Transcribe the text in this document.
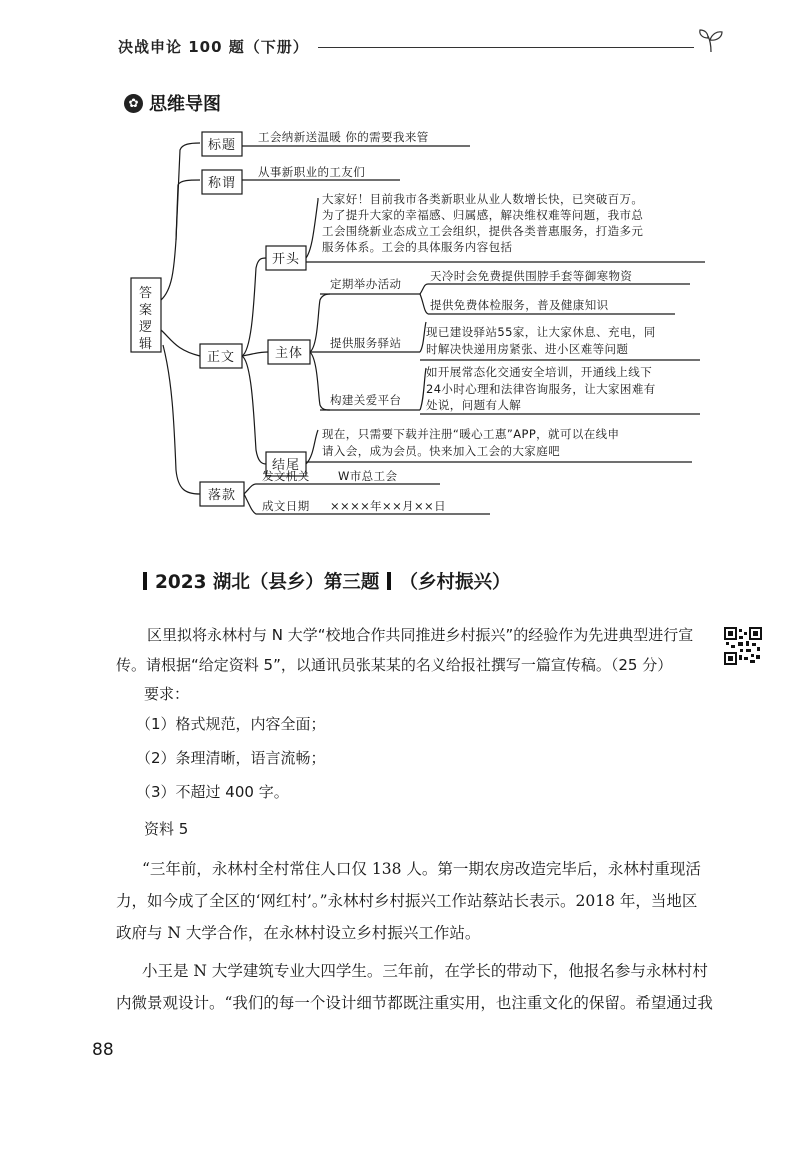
决战申论 100 题（下册）
✿ 思维导图
答
案
逻
辑
标题
工会纳新送温暖 你的需要我来管
称谓
从事新职业的工友们
正文
开头
大家好！目前我市各类新职业从业人数增长快，已突破百万。
为了提升大家的幸福感、归属感，解决维权难等问题，我市总
工会围绕新业态成立工会组织，提供各类普惠服务，打造多元
服务体系。工会的具体服务内容包括
主体
定期举办活动
天冷时会免费提供围脖手套等御寒物资
提供免费体检服务，普及健康知识
提供服务驿站
现已建设驿站55家，让大家休息、充电，同
时解决快递用房紧张、进小区难等问题
构建关爱平台
如开展常态化交通安全培训，开通线上线下
24小时心理和法律咨询服务，让大家困难有
处说，问题有人解
结尾
现在，只需要下载并注册“暖心工惠”APP，就可以在线申
请入会，成为会员。快来加入工会的大家庭吧
落款
发文机关 W市总工会
成文日期 ××××年××月××日
2023 湖北（县乡）第三题 （乡村振兴）
区里拟将永林村与 N 大学“校地合作共同推进乡村振兴”的经验作为先进典型进行宣
传。请根据“给定资料 5”，以通讯员张某某的名义给报社撰写一篇宣传稿。（25 分）
要求：
（1）格式规范，内容全面；
（2）条理清晰，语言流畅；
（3）不超过 400 字。
资料 5
“三年前，永林村全村常住人口仅 138 人。第一期农房改造完毕后，永林村重现活
力，如今成了全区的‘网红村’。”永林村乡村振兴工作站蔡站长表示。2018 年，当地区
政府与 N 大学合作，在永林村设立乡村振兴工作站。
小王是 N 大学建筑专业大四学生。三年前，在学长的带动下，他报名参与永林村村
内微景观设计。“我们的每一个设计细节都既注重实用，也注重文化的保留。希望通过我
88
